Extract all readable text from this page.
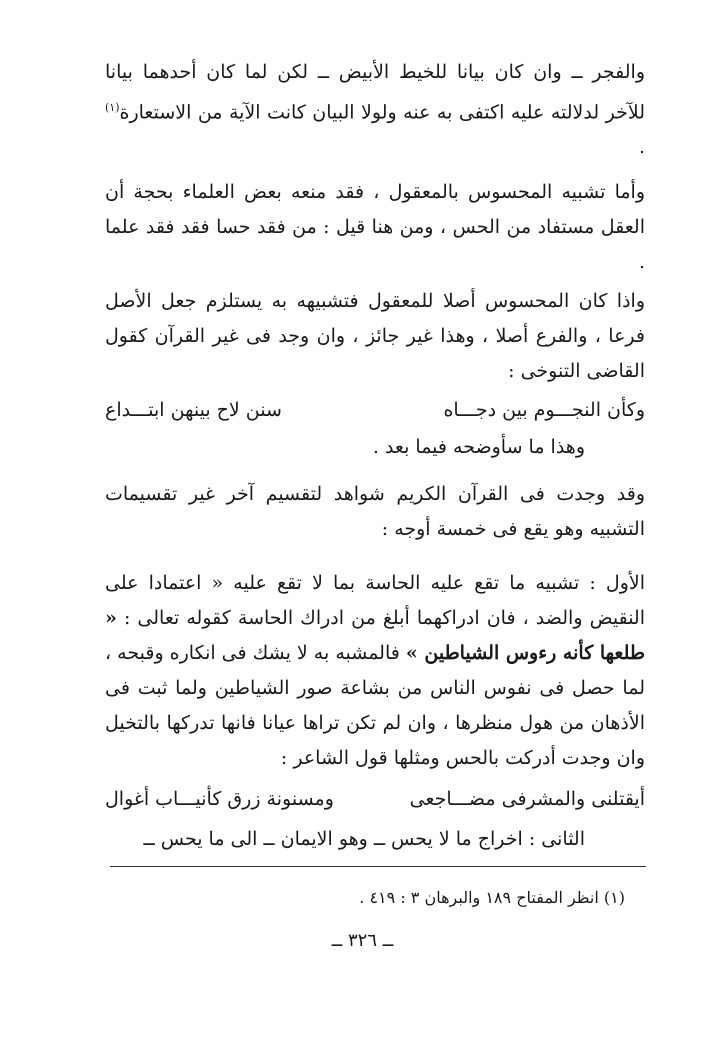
والفجر ــ وان كان بيانا للخيط الأبيض ــ لكن لما كان أحدهما بيانا للآخر لدلالته عليه اكتفى به عنه ولولا البيان كانت الآية من الاستعارة$^{(١)}$ .

وأما تشبيه المحسوس بالمعقول ، فقد منعه بعض العلماء بحجة أن العقل مستفاد من الحس ، ومن هنا قيل : من فقد حسا فقد فقد علما .

واذا كان المحسوس أصلا للمعقول فتشبيهه به يستلزم جعل الأصل فرعا ، والفرع أصلا ، وهذا غير جائز ، وان وجد فى غير القرآن كقول القاضى التنوخى :

وكأن النجـــوم بين دجـــاه
سنن لاح بينهن ابتـــداع

وهذا ما سأوضحه فيما بعد .

وقد وجدت فى القرآن الكريم شواهد لتقسيم آخر غير تقسيمات التشبيه وهو يقع فى خمسة أوجه :

الأول : تشبيه ما تقع عليه الحاسة بما لا تقع عليه « اعتمادا على النقيض والضد ، فان ادراكهما أبلغ من ادراك الحاسة كقوله تعالى : « طلعها كأنه رءوس الشياطين » فالمشبه به لا يشك فى انكاره وقبحه ، لما حصل فى نفوس الناس من بشاعة صور الشياطين ولما ثبت فى الأذهان من هول منظرها ، وان لم تكن تراها عيانا فانها تدركها بالتخيل وان وجدت أدركت بالحس ومثلها قول الشاعر :

أيقتلنى والمشرفى مضـــاجعى
ومسنونة زرق كأنيـــاب أغوال

الثانى : اخراج ما لا يحس ــ وهو الايمان ــ الى ما يحس ــ

(١) انظر المفتاح ١٨٩ والبرهان ٣ : ٤١٩ .
ــ ٣٢٦ ــ
